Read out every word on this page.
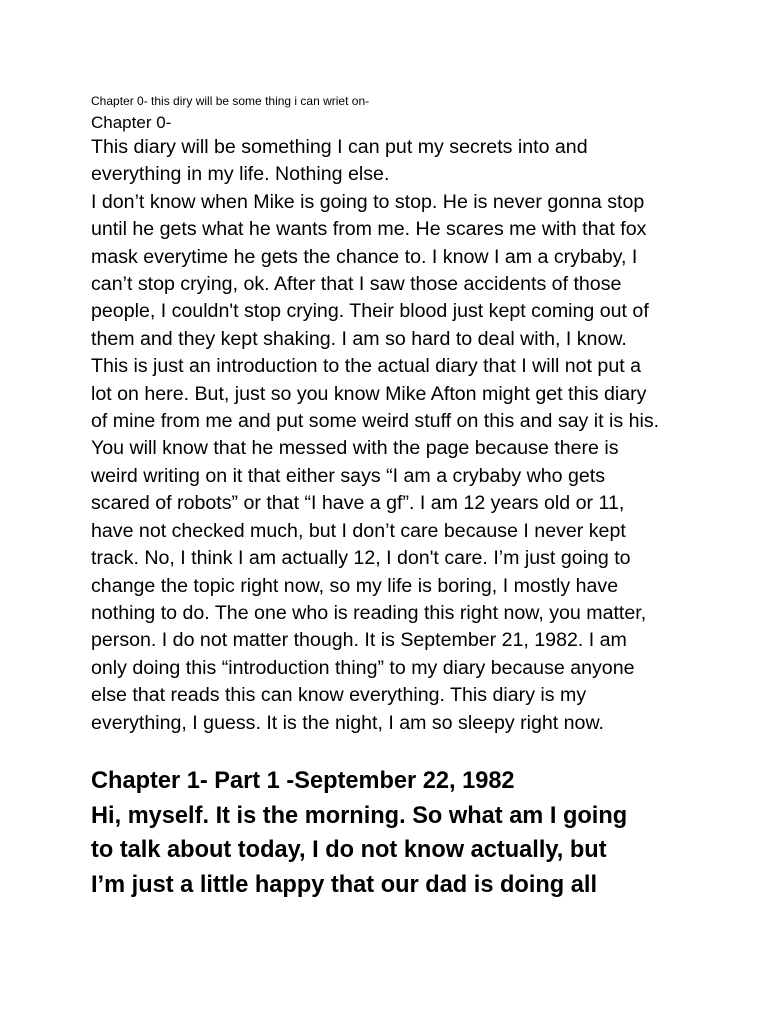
Chapter 0- this diry will be some thing i can wriet on-
Chapter 0-
This diary will be something I can put my secrets into and
everything in my life. Nothing else.
I don’t know when Mike is going to stop. He is never gonna stop
until he gets what he wants from me. He scares me with that fox
mask everytime he gets the chance to. I know I am a crybaby, I
can’t stop crying, ok. After that I saw those accidents of those
people, I couldn't stop crying. Their blood just kept coming out of
them and they kept shaking. I am so hard to deal with, I know.
This is just an introduction to the actual diary that I will not put a
lot on here. But, just so you know Mike Afton might get this diary
of mine from me and put some weird stuff on this and say it is his.
You will know that he messed with the page because there is
weird writing on it that either says “I am a crybaby who gets
scared of robots” or that “I have a gf”. I am 12 years old or 11,
have not checked much, but I don’t care because I never kept
track. No, I think I am actually 12, I don't care. I’m just going to
change the topic right now, so my life is boring, I mostly have
nothing to do. The one who is reading this right now, you matter,
person. I do not matter though. It is September 21, 1982. I am
only doing this “introduction thing” to my diary because anyone
else that reads this can know everything. This diary is my
everything, I guess. It is the night, I am so sleepy right now.
Chapter 1- Part 1 -September 22, 1982
Hi, myself. It is the morning. So what am I going
to talk about today, I do not know actually, but
I’m just a little happy that our dad is doing all
